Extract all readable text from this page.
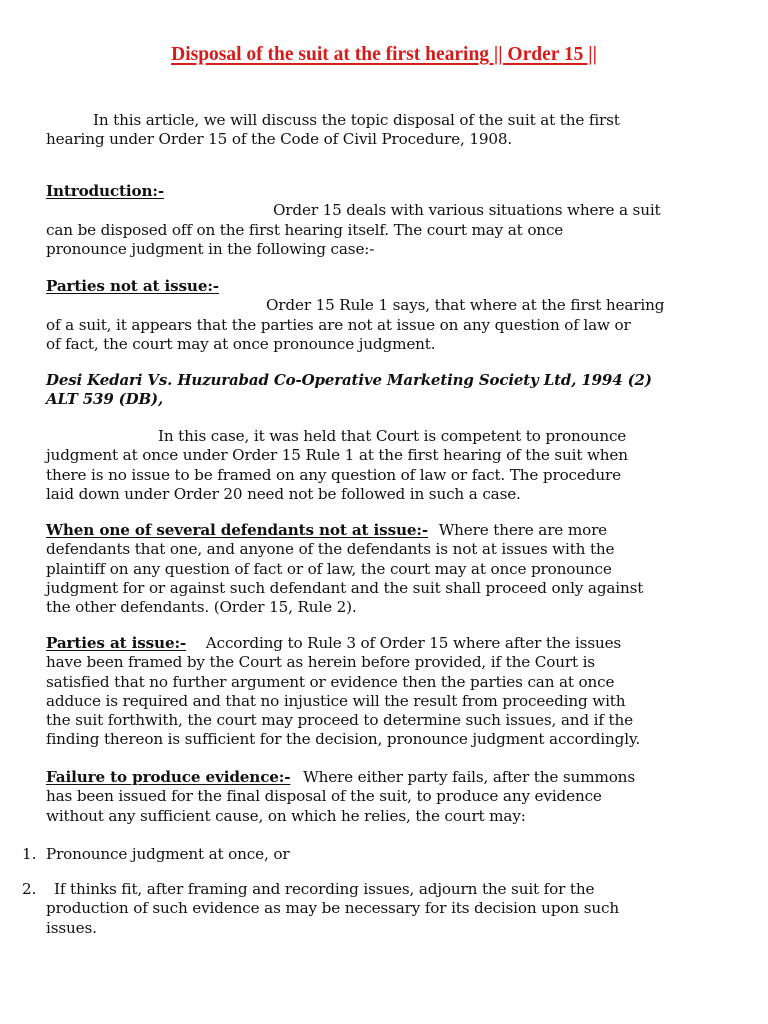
Disposal of the suit at the first hearing || Order 15 ||
In this article, we will discuss the topic disposal of the suit at the first
hearing under Order 15 of the Code of Civil Procedure, 1908.
Introduction:-
Order 15 deals with various situations where a suit
can be disposed off on the first hearing itself. The court may at once
pronounce judgment in the following case:-
Parties not at issue:-
Order 15 Rule 1 says, that where at the first hearing
of a suit, it appears that the parties are not at issue on any question of law or
of fact, the court may at once pronounce judgment.
Desi Kedari Vs. Huzurabad Co-Operative Marketing Society Ltd, 1994 (2)
ALT 539 (DB),
In this case, it was held that Court is competent to pronounce
judgment at once under Order 15 Rule 1 at the first hearing of the suit when
there is no issue to be framed on any question of law or fact. The procedure
laid down under Order 20 need not be followed in such a case.
When one of several defendants not at issue:- Where there are more
defendants that one, and anyone of the defendants is not at issues with the
plaintiff on any question of fact or of law, the court may at once pronounce
judgment for or against such defendant and the suit shall proceed only against
the other defendants. (Order 15, Rule 2).
Parties at issue:- According to Rule 3 of Order 15 where after the issues
have been framed by the Court as herein before provided, if the Court is
satisfied that no further argument or evidence then the parties can at once
adduce is required and that no injustice will the result from proceeding with
the suit forthwith, the court may proceed to determine such issues, and if the
finding thereon is sufficient for the decision, pronounce judgment accordingly.
Failure to produce evidence:- Where either party fails, after the summons
has been issued for the final disposal of the suit, to produce any evidence
without any sufficient cause, on which he relies, the court may:
1. Pronounce judgment at once, or
2.	If thinks fit, after framing and recording issues, adjourn the suit for the
production of such evidence as may be necessary for its decision upon such
issues.
